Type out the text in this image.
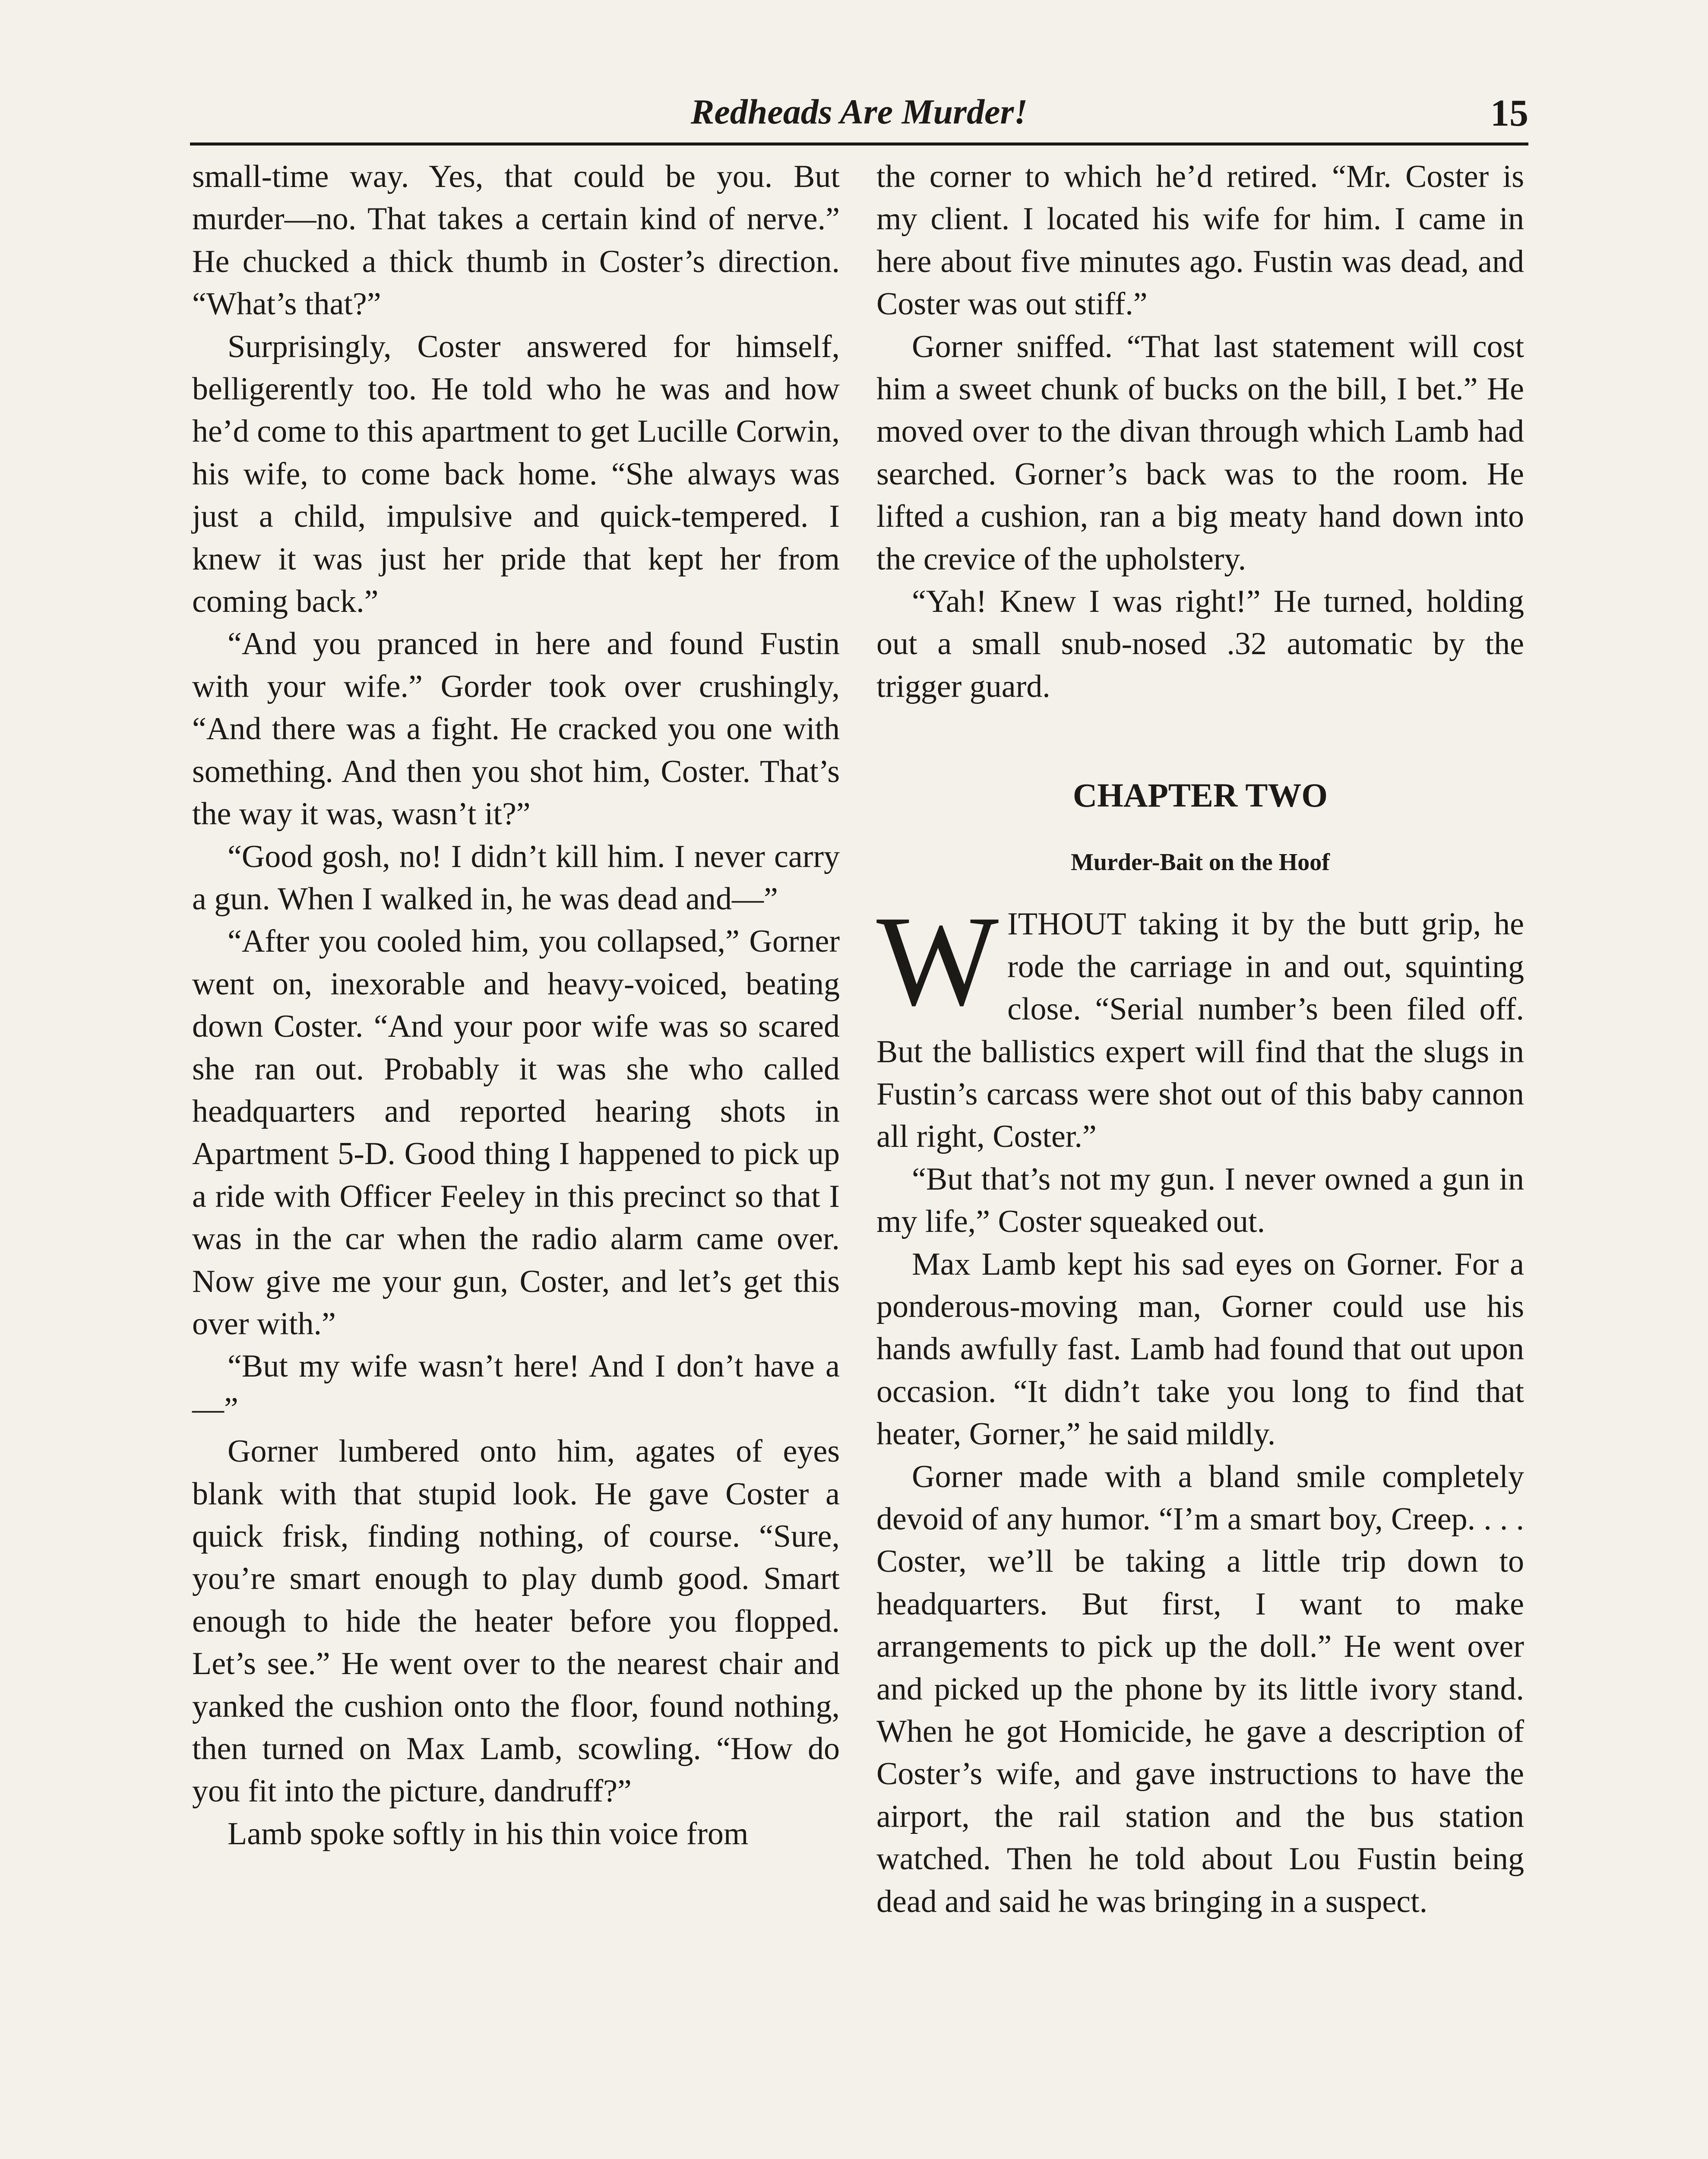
Redheads Are Murder!	15

small-time way. Yes, that could be you. But murder—no. That takes a certain kind of nerve.” He chucked a thick thumb in Coster’s direction. “What’s that?”

Surprisingly, Coster answered for himself, belligerently too. He told who he was and how he’d come to this apartment to get Lucille Corwin, his wife, to come back home. “She always was just a child, impulsive and quick-tempered. I knew it was just her pride that kept her from coming back.”

“And you pranced in here and found Fustin with your wife.” Gorder took over crushingly, “And there was a fight. He cracked you one with something. And then you shot him, Coster. That’s the way it was, wasn’t it?”

“Good gosh, no! I didn’t kill him. I never carry a gun. When I walked in, he was dead and—”

“After you cooled him, you collapsed,” Gorner went on, inexorable and heavy-voiced, beating down Coster. “And your poor wife was so scared she ran out. Probably it was she who called headquarters and reported hearing shots in Apartment 5-D. Good thing I happened to pick up a ride with Officer Feeley in this precinct so that I was in the car when the radio alarm came over. Now give me your gun, Coster, and let’s get this over with.”

“But my wife wasn’t here! And I don’t have a—”

Gorner lumbered onto him, agates of eyes blank with that stupid look. He gave Coster a quick frisk, finding nothing, of course. “Sure, you’re smart enough to play dumb good. Smart enough to hide the heater before you flopped. Let’s see.” He went over to the nearest chair and yanked the cushion onto the floor, found nothing, then turned on Max Lamb, scowling. “How do you fit into the picture, dandruff?”

Lamb spoke softly in his thin voice from

the corner to which he’d retired. “Mr. Coster is my client. I located his wife for him. I came in here about five minutes ago. Fustin was dead, and Coster was out stiff.”

Gorner sniffed. “That last statement will cost him a sweet chunk of bucks on the bill, I bet.” He moved over to the divan through which Lamb had searched. Gorner’s back was to the room. He lifted a cushion, ran a big meaty hand down into the crevice of the upholstery.

“Yah! Knew I was right!” He turned, holding out a small snub-nosed .32 automatic by the trigger guard.

CHAPTER TWO
Murder-Bait on the Hoof

WITHOUT taking it by the butt grip, he rode the carriage in and out, squinting close. “Serial number’s been filed off. But the ballistics expert will find that the slugs in Fustin’s carcass were shot out of this baby cannon all right, Coster.”

“But that’s not my gun. I never owned a gun in my life,” Coster squeaked out.

Max Lamb kept his sad eyes on Gorner. For a ponderous-moving man, Gorner could use his hands awfully fast. Lamb had found that out upon occasion. “It didn’t take you long to find that heater, Gorner,” he said mildly.

Gorner made with a bland smile completely devoid of any humor. “I’m a smart boy, Creep. . . . Coster, we’ll be taking a little trip down to headquarters. But first, I want to make arrangements to pick up the doll.” He went over and picked up the phone by its little ivory stand. When he got Homicide, he gave a description of Coster’s wife, and gave instructions to have the airport, the rail station and the bus station watched. Then he told about Lou Fustin being dead and said he was bringing in a suspect.
